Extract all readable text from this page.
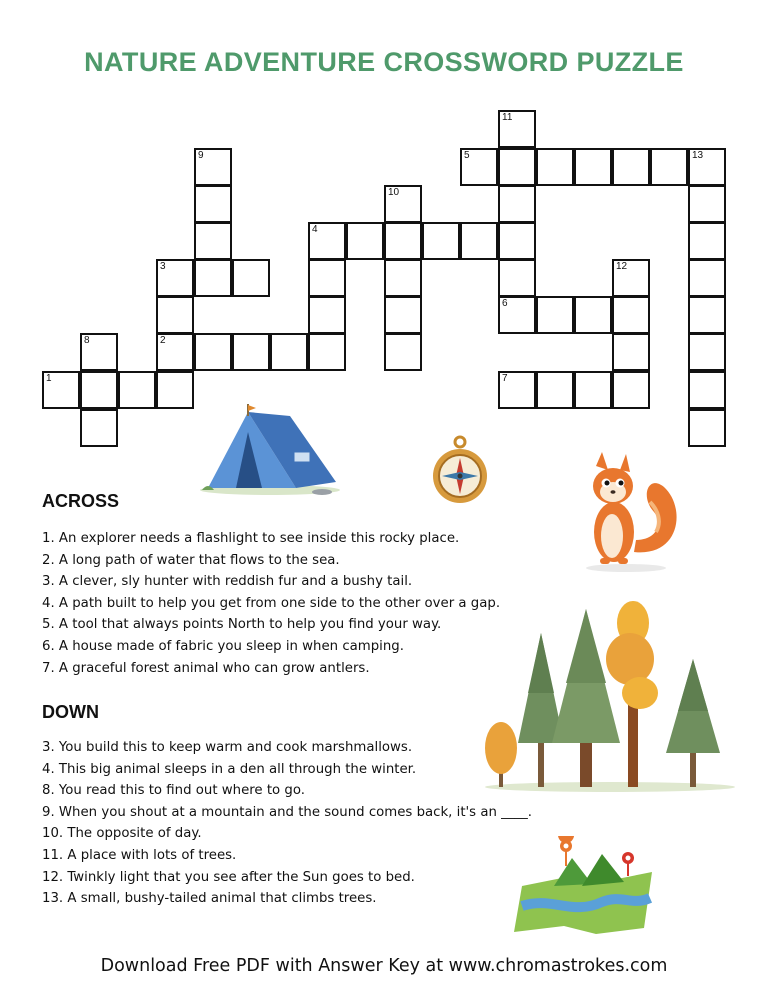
NATURE ADVENTURE CROSSWORD PUZZLE
1
8	2
3
9
4
10
11
5	13
6
12
7
ACROSS
1. An explorer needs a flashlight to see inside this rocky place.
2. A long path of water that flows to the sea.
3. A clever, sly hunter with reddish fur and a bushy tail.
4. A path built to help you get from one side to the other over a gap.
5. A tool that always points North to help you find your way.
6. A house made of fabric you sleep in when camping.
7. A graceful forest animal who can grow antlers.
DOWN
3. You build this to keep warm and cook marshmallows.
4. This big animal sleeps in a den all through the winter.
8. You read this to find out where to go.
9. When you shout at a mountain and the sound comes back, it's an ____.
10. The opposite of day.
11. A place with lots of trees.
12. Twinkly light that you see after the Sun goes to bed.
13. A small, bushy-tailed animal that climbs trees.
Download Free PDF with Answer Key at www.chromastrokes.com
